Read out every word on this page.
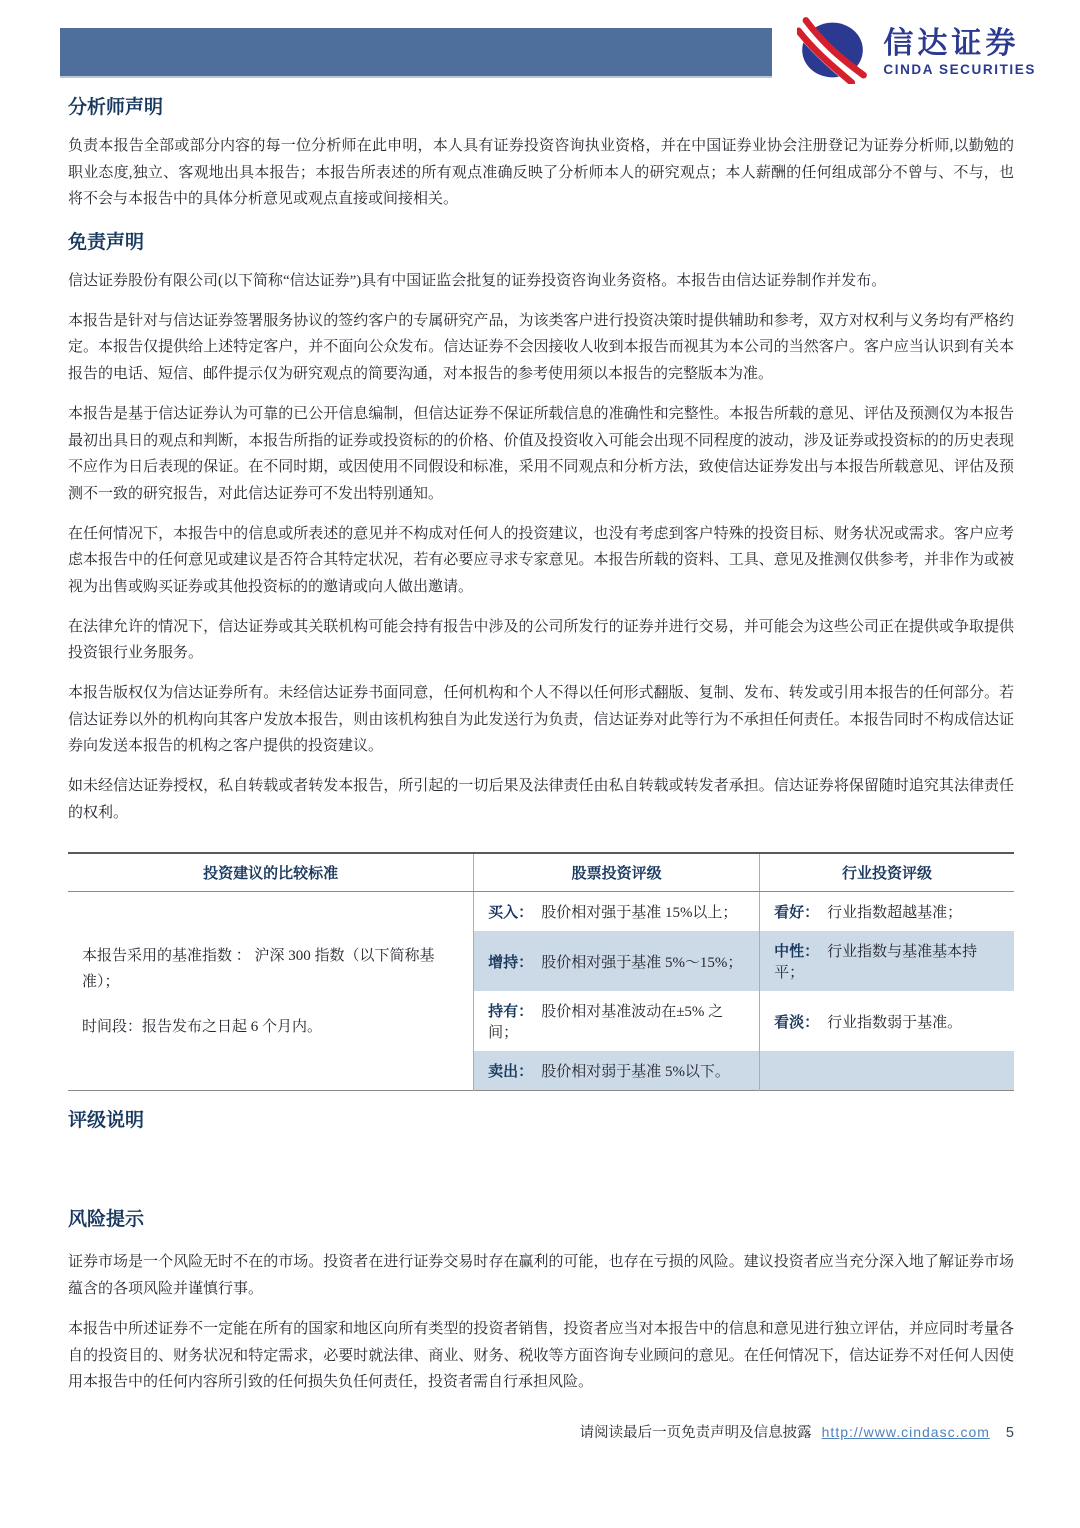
信达证券
CINDA SECURITIES
分析师声明

负责本报告全部或部分内容的每一位分析师在此申明，本人具有证券投资咨询执业资格，并在中国证券业协会注册登记为证券分析师,以勤勉的职业态度,独立、客观地出具本报告；本报告所表述的所有观点准确反映了分析师本人的研究观点；本人薪酬的任何组成部分不曾与、不与，也将不会与本报告中的具体分析意见或观点直接或间接相关。

免责声明

信达证券股份有限公司(以下简称“信达证券”)具有中国证监会批复的证券投资咨询业务资格。本报告由信达证券制作并发布。

本报告是针对与信达证券签署服务协议的签约客户的专属研究产品，为该类客户进行投资决策时提供辅助和参考，双方对权利与义务均有严格约定。本报告仅提供给上述特定客户，并不面向公众发布。信达证券不会因接收人收到本报告而视其为本公司的当然客户。客户应当认识到有关本报告的电话、短信、邮件提示仅为研究观点的简要沟通，对本报告的参考使用须以本报告的完整版本为准。

本报告是基于信达证券认为可靠的已公开信息编制，但信达证券不保证所载信息的准确性和完整性。本报告所载的意见、评估及预测仅为本报告最初出具日的观点和判断，本报告所指的证券或投资标的的价格、价值及投资收入可能会出现不同程度的波动，涉及证券或投资标的的历史表现不应作为日后表现的保证。在不同时期，或因使用不同假设和标准，采用不同观点和分析方法，致使信达证券发出与本报告所载意见、评估及预测不一致的研究报告，对此信达证券可不发出特别通知。

在任何情况下，本报告中的信息或所表述的意见并不构成对任何人的投资建议，也没有考虑到客户特殊的投资目标、财务状况或需求。客户应考虑本报告中的任何意见或建议是否符合其特定状况，若有必要应寻求专家意见。本报告所载的资料、工具、意见及推测仅供参考，并非作为或被视为出售或购买证券或其他投资标的的邀请或向人做出邀请。

在法律允许的情况下，信达证券或其关联机构可能会持有报告中涉及的公司所发行的证券并进行交易，并可能会为这些公司正在提供或争取提供投资银行业务服务。

本报告版权仅为信达证券所有。未经信达证券书面同意，任何机构和个人不得以任何形式翻版、复制、发布、转发或引用本报告的任何部分。若信达证券以外的机构向其客户发放本报告，则由该机构独自为此发送行为负责，信达证券对此等行为不承担任何责任。本报告同时不构成信达证券向发送本报告的机构之客户提供的投资建议。

如未经信达证券授权，私自转载或者转发本报告，所引起的一切后果及法律责任由私自转载或转发者承担。信达证券将保留随时追究其法律责任的权利。

投资建议的比较标准	股票投资评级	行业投资评级

本报告采用的基准指数 ： 沪深 300 指数（以下简称基准）；
时间段：报告发布之日起 6 个月内。	买入： 股价相对强于基准 15%以上；	看好： 行业指数超越基准；
	增持： 股价相对强于基准 5%～15%；	中性： 行业指数与基准基本持平；
	持有： 股价相对基准波动在±5% 之间；	看淡： 行业指数弱于基准。
	卖出： 股价相对弱于基准 5%以下。	
评级说明
风险提示

证券市场是一个风险无时不在的市场。投资者在进行证券交易时存在赢利的可能，也存在亏损的风险。建议投资者应当充分深入地了解证券市场蕴含的各项风险并谨慎行事。

本报告中所述证券不一定能在所有的国家和地区向所有类型的投资者销售，投资者应当对本报告中的信息和意见进行独立评估，并应同时考量各自的投资目的、财务状况和特定需求，必要时就法律、商业、财务、税收等方面咨询专业顾问的意见。在任何情况下，信达证券不对任何人因使用本报告中的任何内容所引致的任何损失负任何责任，投资者需自行承担风险。

请阅读最后一页免责声明及信息披露 http://www.cindasc.com 5
